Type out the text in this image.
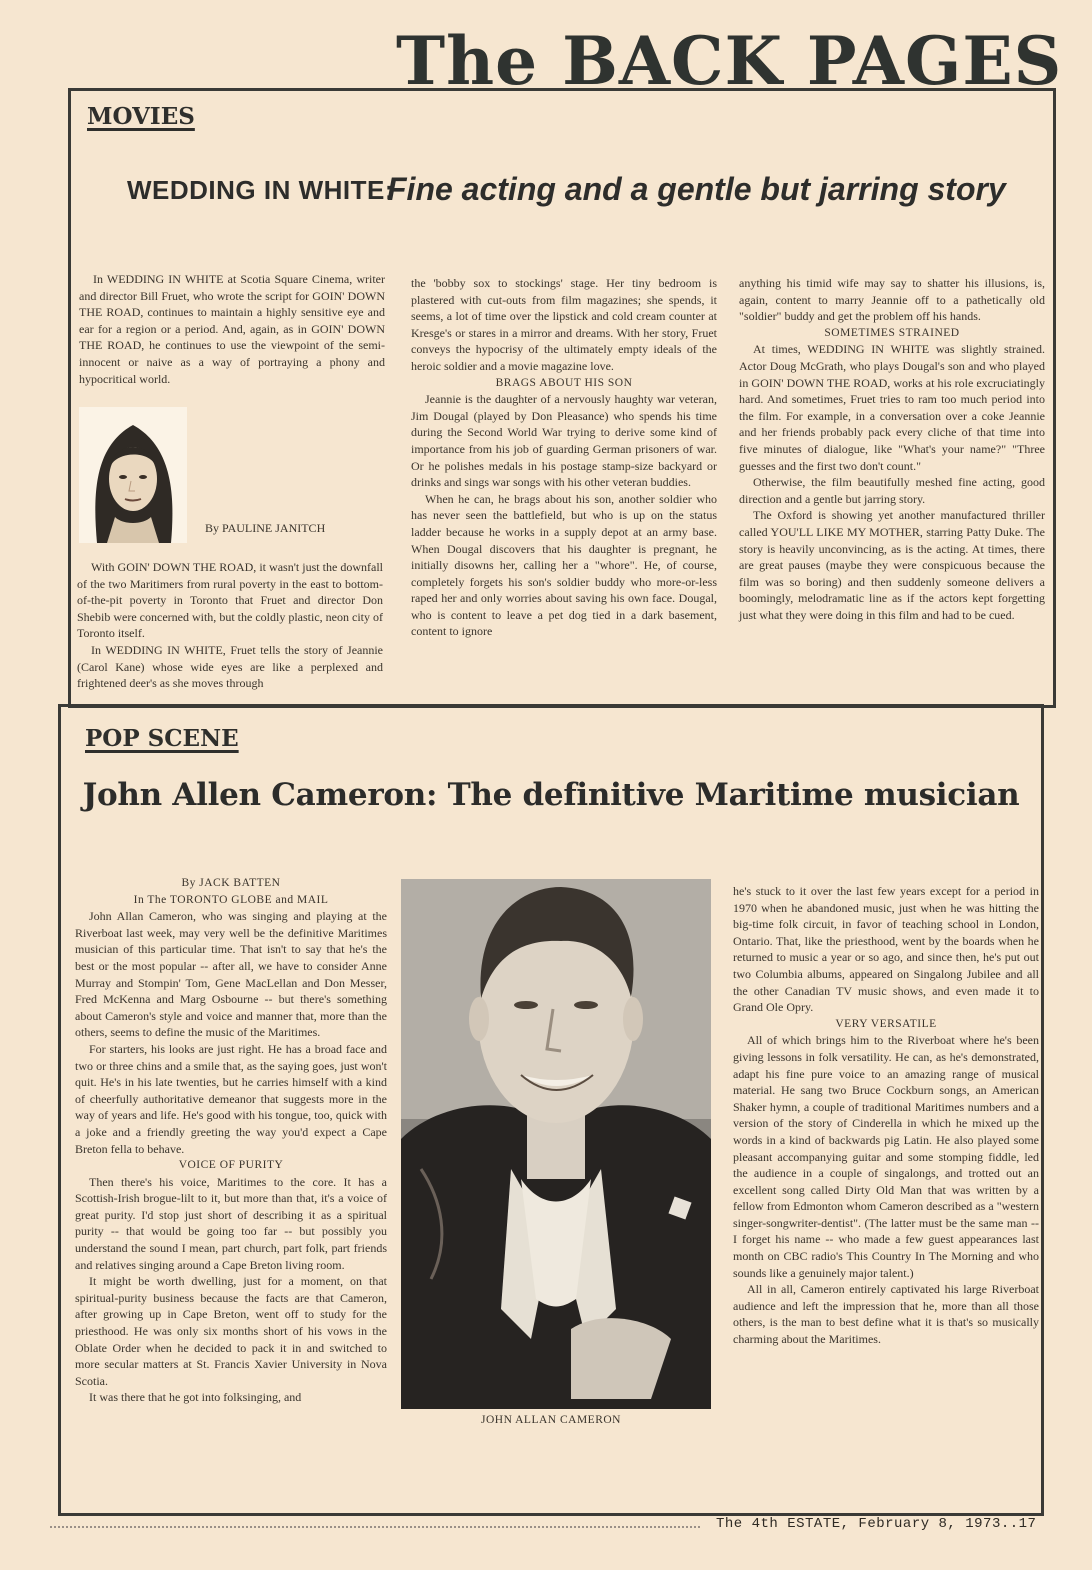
The BACK PAGES
MOVIES
WEDDING IN WHITE:
Fine acting and a gentle but jarring story

In WEDDING IN WHITE at Scotia Square Cinema, writer and director Bill Fruet, who wrote the script for GOIN' DOWN THE ROAD, continues to maintain a highly sensitive eye and ear for a region or a period. And, again, as in GOIN' DOWN THE ROAD, he continues to use the viewpoint of the semi-innocent or naive as a way of portraying a phony and hypocritical world.

By PAULINE JANITCH

With GOIN' DOWN THE ROAD, it wasn't just the downfall of the two Maritimers from rural poverty in the east to bottom-of-the-pit poverty in Toronto that Fruet and director Don Shebib were concerned with, but the coldly plastic, neon city of Toronto itself.

In WEDDING IN WHITE, Fruet tells the story of Jeannie (Carol Kane) whose wide eyes are like a perplexed and frightened deer's as she moves through

the 'bobby sox to stockings' stage. Her tiny bedroom is plastered with cut-outs from film magazines; she spends, it seems, a lot of time over the lipstick and cold cream counter at Kresge's or stares in a mirror and dreams. With her story, Fruet conveys the hypocrisy of the ultimately empty ideals of the heroic soldier and a movie magazine love.

BRAGS ABOUT HIS SON

Jeannie is the daughter of a nervously haughty war veteran, Jim Dougal (played by Don Pleasance) who spends his time during the Second World War trying to derive some kind of importance from his job of guarding German prisoners of war. Or he polishes medals in his postage stamp-size backyard or drinks and sings war songs with his other veteran buddies.

When he can, he brags about his son, another soldier who has never seen the battlefield, but who is up on the status ladder because he works in a supply depot at an army base. When Dougal discovers that his daughter is pregnant, he initially disowns her, calling her a "whore". He, of course, completely forgets his son's soldier buddy who more-or-less raped her and only worries about saving his own face. Dougal, who is content to leave a pet dog tied in a dark basement, content to ignore

anything his timid wife may say to shatter his illusions, is, again, content to marry Jeannie off to a pathetically old "soldier" buddy and get the problem off his hands.

SOMETIMES STRAINED

At times, WEDDING IN WHITE was slightly strained. Actor Doug McGrath, who plays Dougal's son and who played in GOIN' DOWN THE ROAD, works at his role excruciatingly hard. And sometimes, Fruet tries to ram too much period into the film. For example, in a conversation over a coke Jeannie and her friends probably pack every cliche of that time into five minutes of dialogue, like "What's your name?" "Three guesses and the first two don't count."

Otherwise, the film beautifully meshed fine acting, good direction and a gentle but jarring story.

The Oxford is showing yet another manufactured thriller called YOU'LL LIKE MY MOTHER, starring Patty Duke. The story is heavily unconvincing, as is the acting. At times, there are great pauses (maybe they were conspicuous because the film was so boring) and then suddenly someone delivers a boomingly, melodramatic line as if the actors kept forgetting just what they were doing in this film and had to be cued.

POP SCENE
John Allen Cameron: The definitive Maritime musician

By JACK BATTEN

In The TORONTO GLOBE and MAIL

John Allan Cameron, who was singing and playing at the Riverboat last week, may very well be the definitive Maritimes musician of this particular time. That isn't to say that he's the best or the most popular -- after all, we have to consider Anne Murray and Stompin' Tom, Gene MacLellan and Don Messer, Fred McKenna and Marg Osbourne -- but there's something about Cameron's style and voice and manner that, more than the others, seems to define the music of the Maritimes.

For starters, his looks are just right. He has a broad face and two or three chins and a smile that, as the saying goes, just won't quit. He's in his late twenties, but he carries himself with a kind of cheerfully authoritative demeanor that suggests more in the way of years and life. He's good with his tongue, too, quick with a joke and a friendly greeting the way you'd expect a Cape Breton fella to behave.

VOICE OF PURITY

Then there's his voice, Maritimes to the core. It has a Scottish-Irish brogue-lilt to it, but more than that, it's a voice of great purity. I'd stop just short of describing it as a spiritual purity -- that would be going too far -- but possibly you understand the sound I mean, part church, part folk, part friends and relatives singing around a Cape Breton living room.

It might be worth dwelling, just for a moment, on that spiritual-purity business because the facts are that Cameron, after growing up in Cape Breton, went off to study for the priesthood. He was only six months short of his vows in the Oblate Order when he decided to pack it in and switched to more secular matters at St. Francis Xavier University in Nova Scotia.

It was there that he got into folksinging, and

JOHN ALLAN CAMERON

he's stuck to it over the last few years except for a period in 1970 when he abandoned music, just when he was hitting the big-time folk circuit, in favor of teaching school in London, Ontario. That, like the priesthood, went by the boards when he returned to music a year or so ago, and since then, he's put out two Columbia albums, appeared on Singalong Jubilee and all the other Canadian TV music shows, and even made it to Grand Ole Opry.

VERY VERSATILE

All of which brings him to the Riverboat where he's been giving lessons in folk versatility. He can, as he's demonstrated, adapt his fine pure voice to an amazing range of musical material. He sang two Bruce Cockburn songs, an American Shaker hymn, a couple of traditional Maritimes numbers and a version of the story of Cinderella in which he mixed up the words in a kind of backwards pig Latin. He also played some pleasant accompanying guitar and some stomping fiddle, led the audience in a couple of singalongs, and trotted out an excellent song called Dirty Old Man that was written by a fellow from Edmonton whom Cameron described as a "western singer-songwriter-dentist". (The latter must be the same man -- I forget his name -- who made a few guest appearances last month on CBC radio's This Country In The Morning and who sounds like a genuinely major talent.)

All in all, Cameron entirely captivated his large Riverboat audience and left the impression that he, more than all those others, is the man to best define what it is that's so musically charming about the Maritimes.

The 4th ESTATE, February 8, 1973..17
